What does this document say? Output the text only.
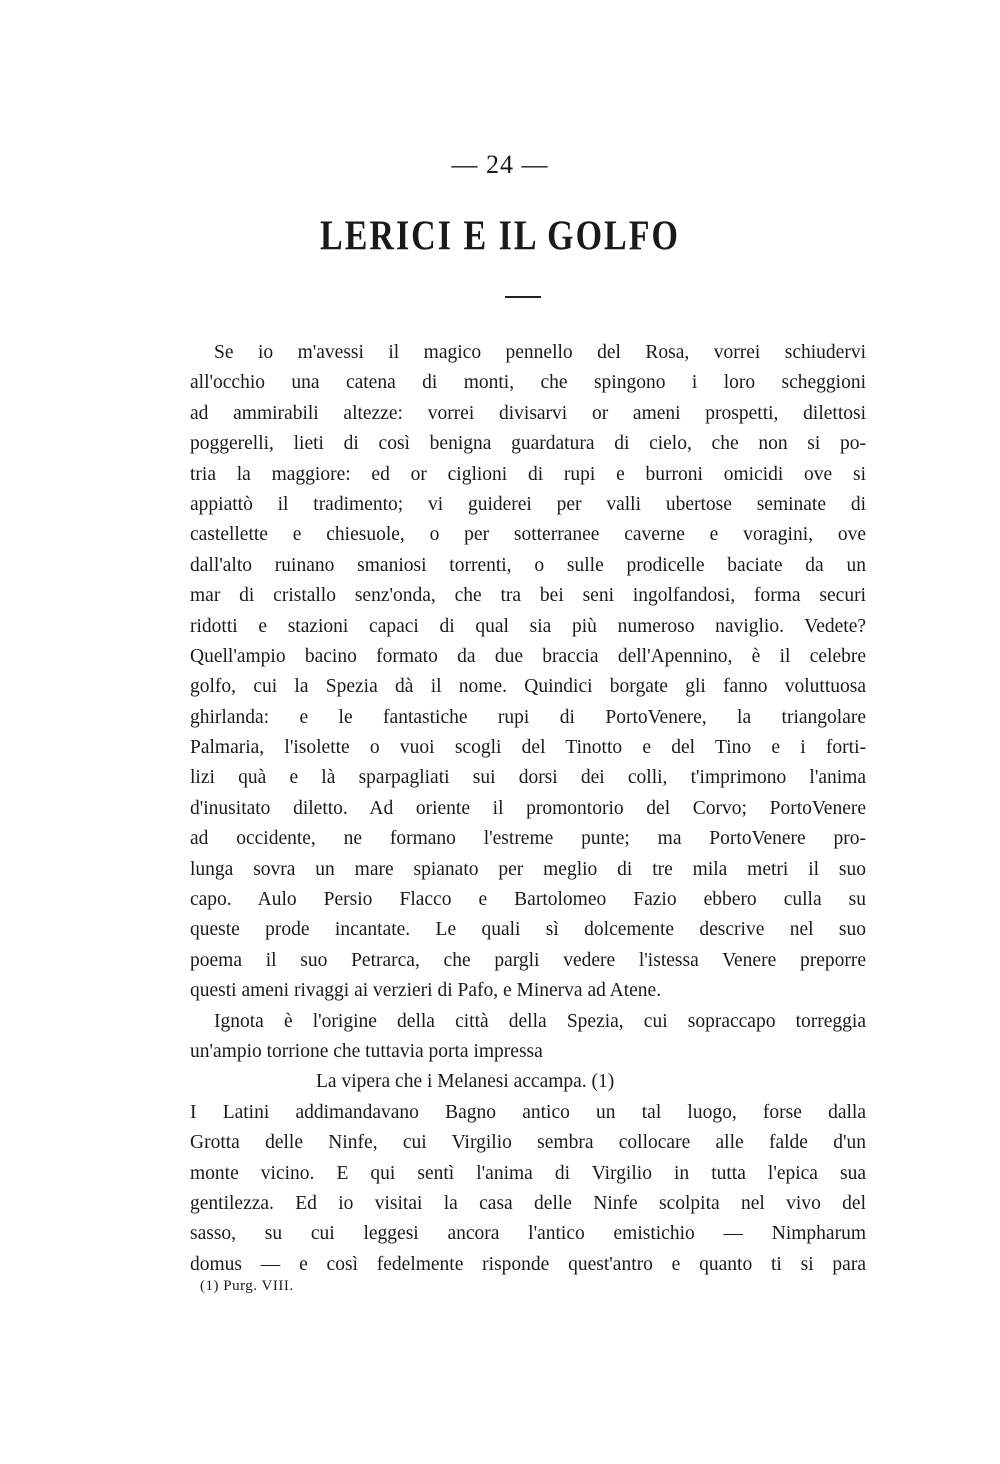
— 24 —
LERICI E IL GOLFO
Se io m'avessi il magico pennello del Rosa, vorrei schiudervi
all'occhio una catena di monti, che spingono i loro scheggioni
ad ammirabili altezze: vorrei divisarvi or ameni prospetti, dilettosi
poggerelli, lieti di così benigna guardatura di cielo, che non si po-
tria la maggiore: ed or ciglioni di rupi e burroni omicidi ove si
appiattò il tradimento; vi guiderei per valli ubertose seminate di
castellette e chiesuole, o per sotterranee caverne e voragini, ove
dall'alto ruinano smaniosi torrenti, o sulle prodicelle baciate da un
mar di cristallo senz'onda, che tra bei seni ingolfandosi, forma securi
ridotti e stazioni capaci di qual sia più numeroso naviglio. Vedete?
Quell'ampio bacino formato da due braccia dell'Apennino, è il celebre
golfo, cui la Spezia dà il nome. Quindici borgate gli fanno voluttuosa
ghirlanda: e le fantastiche rupi di PortoVenere, la triangolare
Palmaria, l'isolette o vuoi scogli del Tinotto e del Tino e i forti-
lizi quà e là sparpagliati sui dorsi dei colli, t'imprimono l'anima
d'inusitato diletto. Ad oriente il promontorio del Corvo; PortoVenere
ad occidente, ne formano l'estreme punte; ma PortoVenere pro-
lunga sovra un mare spianato per meglio di tre mila metri il suo
capo. Aulo Persio Flacco e Bartolomeo Fazio ebbero culla su
queste prode incantate. Le quali sì dolcemente descrive nel suo
poema il suo Petrarca, che pargli vedere l'istessa Venere preporre
questi ameni rivaggi ai verzieri di Pafo, e Minerva ad Atene.
Ignota è l'origine della città della Spezia, cui sopraccapo torreggia
un'ampio torrione che tuttavia porta impressa
La vipera che i Melanesi accampa. (1)
I Latini addimandavano Bagno antico un tal luogo, forse dalla
Grotta delle Ninfe, cui Virgilio sembra collocare alle falde d'un
monte vicino. E qui sentì l'anima di Virgilio in tutta l'epica sua
gentilezza. Ed io visitai la casa delle Ninfe scolpita nel vivo del
sasso, su cui leggesi ancora l'antico emistichio — Nimpharum
domus — e così fedelmente risponde quest'antro e quanto ti si para
(1) Purg. VIII.
